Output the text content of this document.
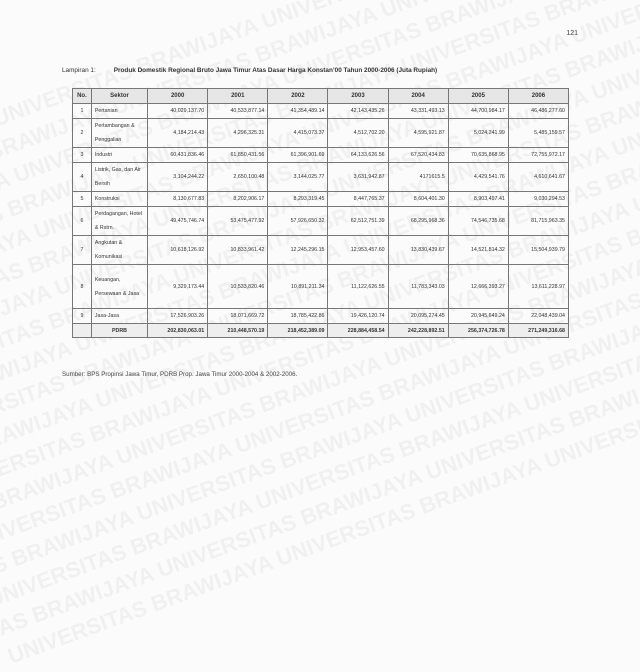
121
Lampiran 1:	Produk Domestik Regional Bruto Jawa Timur Atas Dasar Harga Konstan’00 Tahun 2000-2006 (Juta Rupiah)
No.	Sektor	2000	2001	2002	2003	2004	2005	2006
1	Pertanian	40,029,137.70	40,533,877.14	41,354,489.14	42,143,435.26	43,331,493.13	44,700,984.17	46,486,277.60
2	Pertambangan & Penggalian	4,184,214.43	4,296,325.31	4,415,073.37	4,512,702.20	4,595,921.87	5,024,241.99	5,485,159.57
3	Industri	60,431,836.46	61,850,431.56	61,396,901.69	64,133,626.56	67,520,434.83	70,635,868.95	72,755,972.17
4	Listrik, Gas, dan Air Bersih	3,104,244.22	2,650,100.48	3,144,025.77	3,631,942.87	4171615.5	4,429,541.76	4,610,641.67
5	Konstruksi	8,130,677.83	8,202,906.17	8,293,319.45	8,447,765.37	8,604,401.30	8,903,497.41	9,030,294.53
6	Perdagangan, Hotel & Rstrn.	49,475,746.74	53,475,477.92	57,926,650.32	62,512,751.39	68,295,968.36	74,546,735.68	81,715,963.35
7	Angkutan & Komunikasi	10,618,126.92	10,833,961.42	12,245,296.15	12,953,457.60	13,830,439.67	14,521,814.32	15,504,939.79
8	Keuangan, Persewaan & Jasa	9,329,173.44	10,533,820.46	10,891,211.34	11,122,626.55	11,783,343.03	12,666,393.27	13,611,228.97
9	Jasa-Jasa	17,526,903.26	18,071,669.72	18,785,422.86	19,426,120.74	20,095,274.45	20,945,649.24	22,048,439.04
	PDRB	202,830,063.01	210,448,570.19	218,452,389.09	228,884,458.54	242,228,892.51	256,374,726.78	271,249,316.68
Sumber: BPS Propinsi Jawa Timur, PDRB Prop. Jawa Timur 2000-2004 & 2002-2006.
